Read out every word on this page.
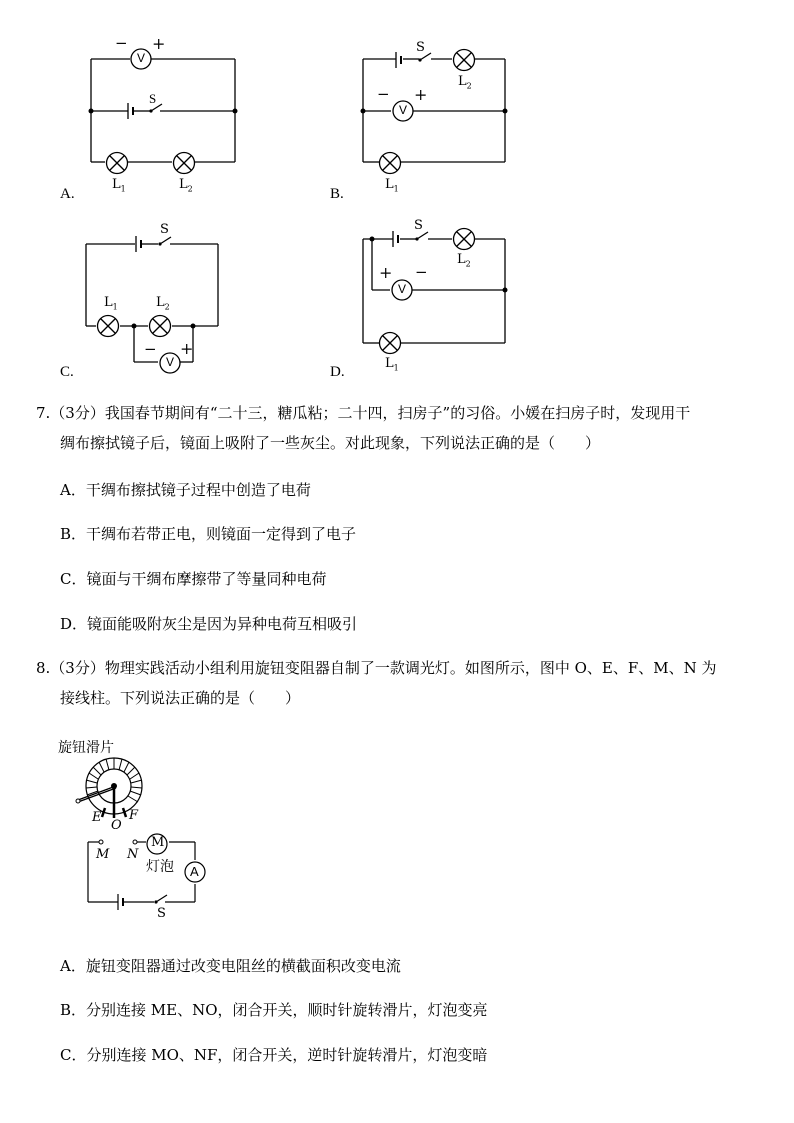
V
− +
S
$L_1$	$L_2$
A.
S
$L_2$
V
− +
$L_1$
B.
S
$L_1$	$L_2$
V
− +
C.
S
$L_2$
V
+ −
$L_1$
D.
7.（3分）我国春节期间有“二十三，糖瓜粘；二十四，扫房子”的习俗。小媛在扫房子时，发现用干
绸布擦拭镜子后，镜面上吸附了一些灰尘。对此现象，下列说法正确的是（　　）
A．干绸布擦拭镜子过程中创造了电荷
B．干绸布若带正电，则镜面一定得到了电子
C．镜面与干绸布摩擦带了等量同种电荷
D．镜面能吸附灰尘是因为异种电荷互相吸引
8.（3分）物理实践活动小组利用旋钮变阻器自制了一款调光灯。如图所示，图中 O、E、F、M、N 为
接线柱。下列说法正确的是（　　）
旋钮滑片
E
O
F
M N
M
灯泡 A
S
A．旋钮变阻器通过改变电阻丝的横截面积改变电流
B．分别连接 ME、NO，闭合开关，顺时针旋转滑片，灯泡变亮
C．分别连接 MO、NF，闭合开关，逆时针旋转滑片，灯泡变暗
